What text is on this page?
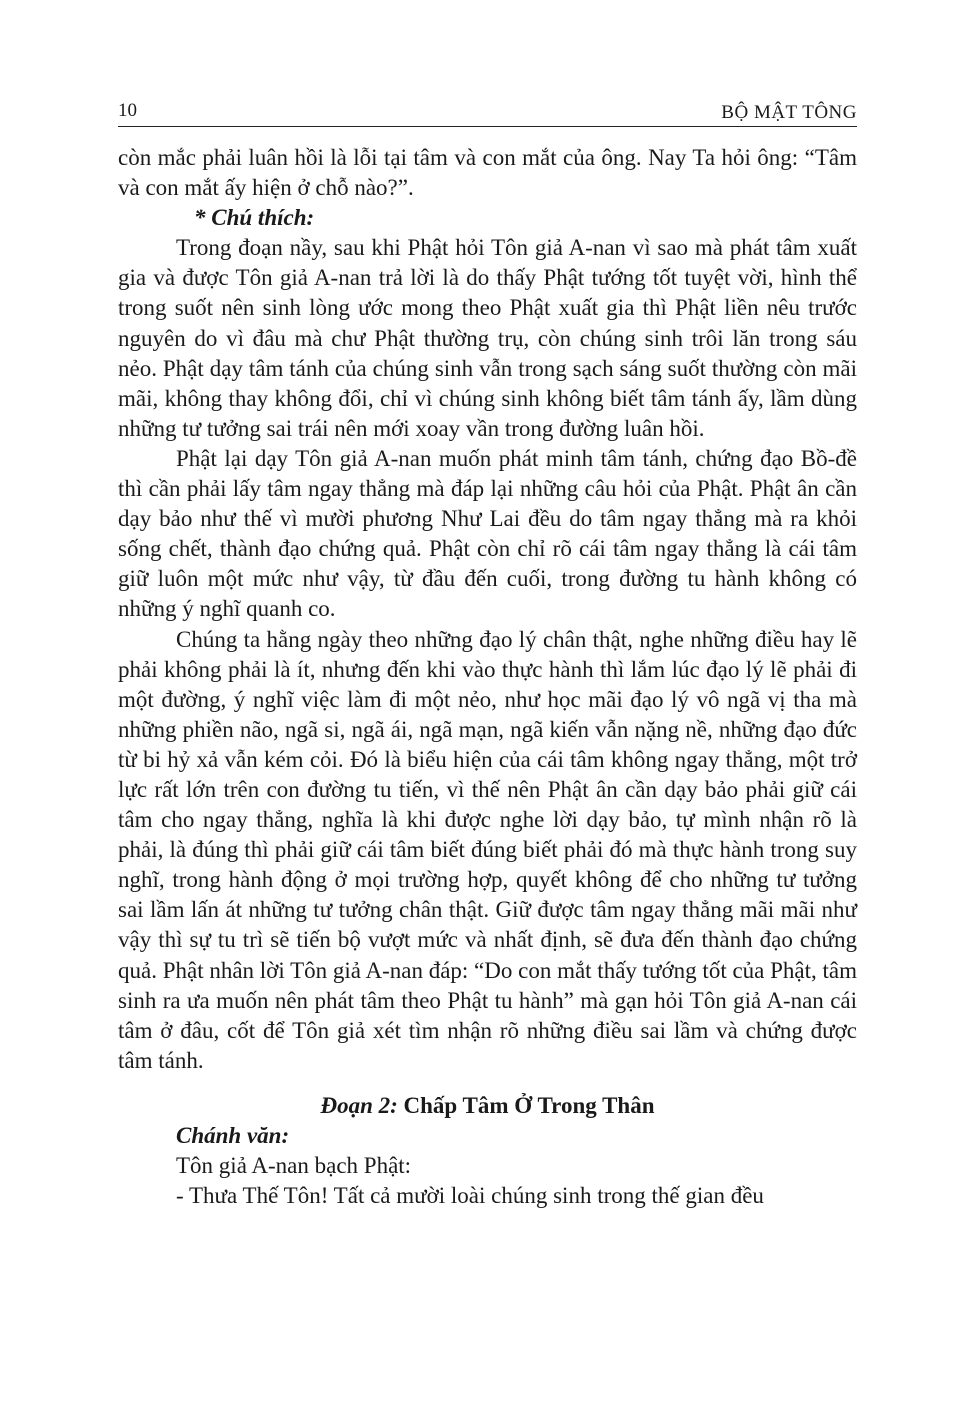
10	BỘ MẬT TÔNG

còn mắc phải luân hồi là lỗi tại tâm và con mắt của ông. Nay Ta hỏi ông: “Tâm và con mắt ấy hiện ở chỗ nào?”.

* Chú thích:

Trong đoạn nầy, sau khi Phật hỏi Tôn giả A-nan vì sao mà phát tâm xuất gia và được Tôn giả A-nan trả lời là do thấy Phật tướng tốt tuyệt vời, hình thể trong suốt nên sinh lòng ước mong theo Phật xuất gia thì Phật liền nêu trước nguyên do vì đâu mà chư Phật thường trụ, còn chúng sinh trôi lăn trong sáu nẻo. Phật dạy tâm tánh của chúng sinh vẫn trong sạch sáng suốt thường còn mãi mãi, không thay không đổi, chỉ vì chúng sinh không biết tâm tánh ấy, lầm dùng những tư tưởng sai trái nên mới xoay vần trong đường luân hồi.

Phật lại dạy Tôn giả A-nan muốn phát minh tâm tánh, chứng đạo Bồ-đề thì cần phải lấy tâm ngay thẳng mà đáp lại những câu hỏi của Phật. Phật ân cần dạy bảo như thế vì mười phương Như Lai đều do tâm ngay thẳng mà ra khỏi sống chết, thành đạo chứng quả. Phật còn chỉ rõ cái tâm ngay thẳng là cái tâm giữ luôn một mức như vậy, từ đầu đến cuối, trong đường tu hành không có những ý nghĩ quanh co.

Chúng ta hằng ngày theo những đạo lý chân thật, nghe những điều hay lẽ phải không phải là ít, nhưng đến khi vào thực hành thì lắm lúc đạo lý lẽ phải đi một đường, ý nghĩ việc làm đi một nẻo, như học mãi đạo lý vô ngã vị tha mà những phiền não, ngã si, ngã ái, ngã mạn, ngã kiến vẫn nặng nề, những đạo đức từ bi hỷ xả vẫn kém cỏi. Đó là biểu hiện của cái tâm không ngay thẳng, một trở lực rất lớn trên con đường tu tiến, vì thế nên Phật ân cần dạy bảo phải giữ cái tâm cho ngay thẳng, nghĩa là khi được nghe lời dạy bảo, tự mình nhận rõ là phải, là đúng thì phải giữ cái tâm biết đúng biết phải đó mà thực hành trong suy nghĩ, trong hành động ở mọi trường hợp, quyết không để cho những tư tưởng sai lầm lấn át những tư tưởng chân thật. Giữ được tâm ngay thẳng mãi mãi như vậy thì sự tu trì sẽ tiến bộ vượt mức và nhất định, sẽ đưa đến thành đạo chứng quả. Phật nhân lời Tôn giả A-nan đáp: “Do con mắt thấy tướng tốt của Phật, tâm sinh ra ưa muốn nên phát tâm theo Phật tu hành” mà gạn hỏi Tôn giả A-nan cái tâm ở đâu, cốt để Tôn giả xét tìm nhận rõ những điều sai lầm và chứng được tâm tánh.

Đoạn 2: Chấp Tâm Ở Trong Thân

Chánh văn:

Tôn giả A-nan bạch Phật:

- Thưa Thế Tôn! Tất cả mười loài chúng sinh trong thế gian đều
